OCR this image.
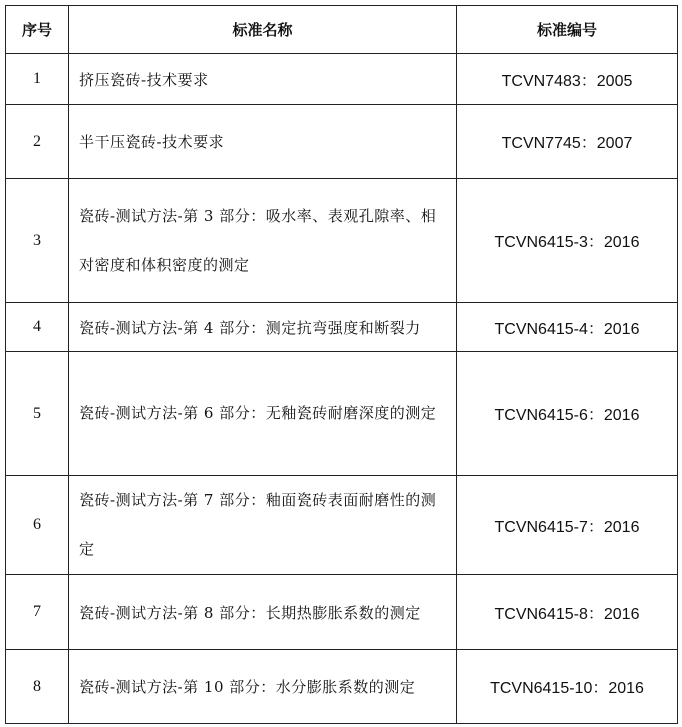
序号	标准名称	标准编号
1	挤压瓷砖-技术要求	TCVN7483：2005
2	半干压瓷砖-技术要求	TCVN7745：2007
3	瓷砖-测试方法-第 3 部分：吸水率、表观孔隙率、相对密度和体积密度的测定	TCVN6415-3：2016
4	瓷砖-测试方法-第 4 部分：测定抗弯强度和断裂力	TCVN6415-4：2016
5	瓷砖-测试方法-第 6 部分：无釉瓷砖耐磨深度的测定	TCVN6415-6：2016
6	瓷砖-测试方法-第 7 部分：釉面瓷砖表面耐磨性的测定	TCVN6415-7：2016
7	瓷砖-测试方法-第 8 部分：长期热膨胀系数的测定	TCVN6415-8：2016
8	瓷砖-测试方法-第 10 部分：水分膨胀系数的测定	TCVN6415-10：2016
